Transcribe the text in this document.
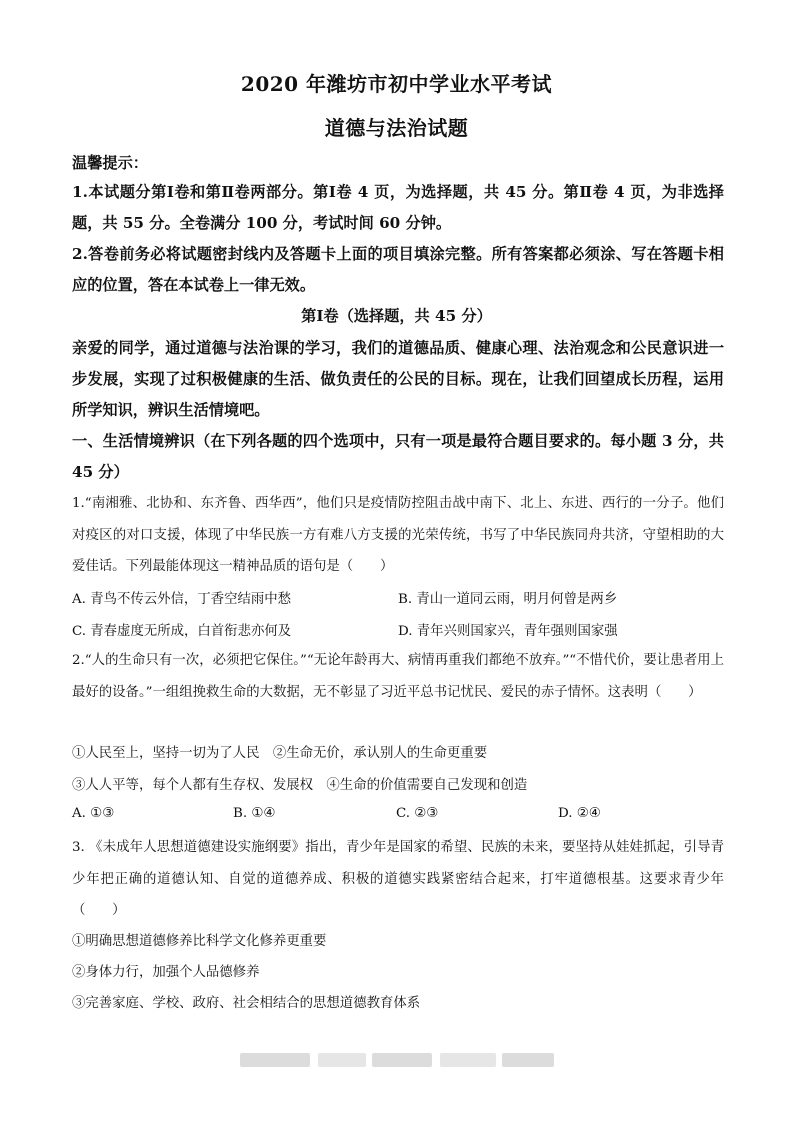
2020 年潍坊市初中学业水平考试
道德与法治试题
温馨提示：
1.本试题分第Ⅰ卷和第Ⅱ卷两部分。第Ⅰ卷 4 页，为选择题，共 45 分。第Ⅱ卷 4 页，为非选择题，共 55 分。全卷满分 100 分，考试时间 60 分钟。
2.答卷前务必将试题密封线内及答题卡上面的项目填涂完整。所有答案都必须涂、写在答题卡相应的位置，答在本试卷上一律无效。
第Ⅰ卷（选择题，共 45 分）
亲爱的同学，通过道德与法治课的学习，我们的道德品质、健康心理、法治观念和公民意识进一步发展，实现了过积极健康的生活、做负责任的公民的目标。现在，让我们回望成长历程，运用所学知识，辨识生活情境吧。
一、生活情境辨识（在下列各题的四个选项中，只有一项是最符合题目要求的。每小题 3 分，共 45 分）
1.“南湘雅、北协和、东齐鲁、西华西”，他们只是疫情防控阻击战中南下、北上、东进、西行的一分子。他们对疫区的对口支援，体现了中华民族一方有难八方支援的光荣传统，书写了中华民族同舟共济，守望相助的大爱佳话。下列最能体现这一精神品质的语句是（　　）
A. 青鸟不传云外信，丁香空结雨中愁	B. 青山一道同云雨，明月何曾是两乡
C. 青春虚度无所成，白首衔悲亦何及	D. 青年兴则国家兴，青年强则国家强
2.“人的生命只有一次，必须把它保住。”“无论年龄再大、病情再重我们都绝不放弃。”“不惜代价，要让患者用上最好的设备。”一组组挽救生命的大数据，无不彰显了习近平总书记忧民、爱民的赤子情怀。这表明（　　）
①人民至上，坚持一切为了人民　②生命无价，承认别人的生命更重要
③人人平等，每个人都有生存权、发展权　④生命的价值需要自己发现和创造
A. ①③	B. ①④	C. ②③	D. ②④
3. 《未成年人思想道德建设实施纲要》指出，青少年是国家的希望、民族的未来，要坚持从娃娃抓起，引导青少年把正确的道德认知、自觉的道德养成、积极的道德实践紧密结合起来，打牢道德根基。这要求青少年（　　）
①明确思想道德修养比科学文化修养更重要
②身体力行，加强个人品德修养
③完善家庭、学校、政府、社会相结合的思想道德教育体系
